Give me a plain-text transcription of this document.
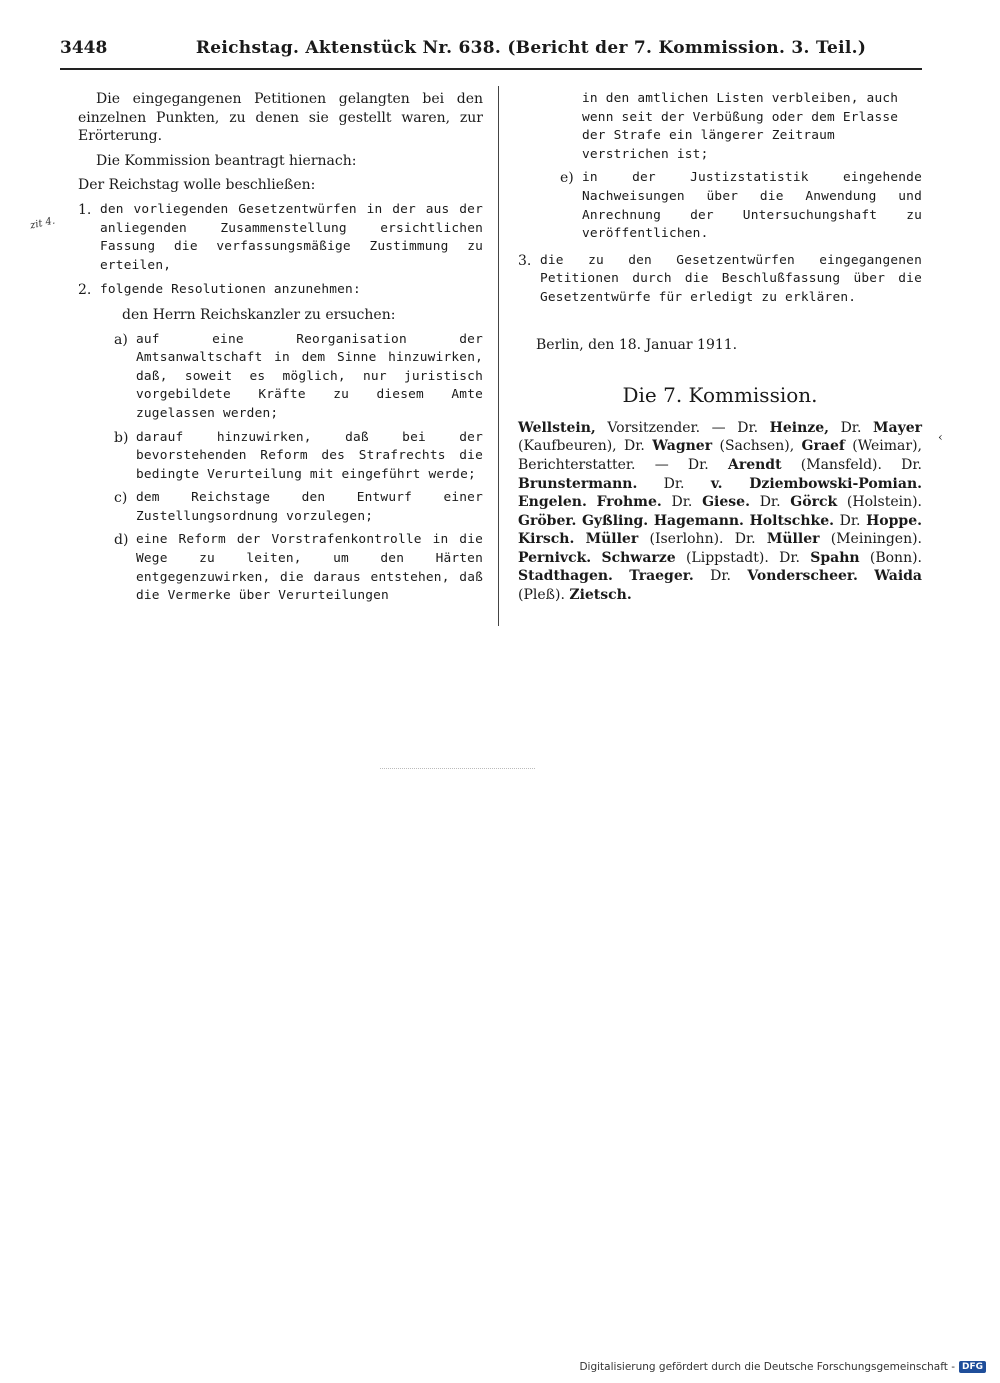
3448	Reichstag. Aktenstück Nr. 638. (Bericht der 7. Kommission. 3. Teil.)
zit 4.

Die eingegangenen Petitionen gelangten bei den einzelnen Punkten, zu denen sie gestellt waren, zur Erörterung.

Die Kommission beantragt hiernach:

Der Reichstag wolle beschließen:

1. den vorliegenden Gesetzentwürfen in der aus der anliegenden Zusammenstellung ersichtlichen Fassung die verfassungsmäßige Zustimmung zu erteilen,
2. folgende Resolutionen anzunehmen:

den Herrn Reichskanzler zu ersuchen:

a) auf eine Reorganisation der Amtsanwaltschaft in dem Sinne hinzuwirken, daß, soweit es möglich, nur juristisch vorgebildete Kräfte zu diesem Amte zugelassen werden;
b) darauf hinzuwirken, daß bei der bevorstehenden Reform des Strafrechts die bedingte Verurteilung mit eingeführt werde;
c) dem Reichstage den Entwurf einer Zustellungsordnung vorzulegen;
d) eine Reform der Vorstrafenkontrolle in die Wege zu leiten, um den Härten entgegenzuwirken, die daraus entstehen, daß die Vermerke über Verurteilungen
in den amtlichen Listen verbleiben, auch wenn seit der Verbüßung oder dem Erlasse der Strafe ein längerer Zeitraum verstrichen ist;
e) in der Justizstatistik eingehende Nachweisungen über die Anwendung und Anrechnung der Untersuchungshaft zu veröffentlichen.
3. die zu den Gesetzentwürfen eingegangenen Petitionen durch die Beschlußfassung über die Gesetzentwürfe für erledigt zu erklären.

Berlin, den 18. Januar 1911.

Die 7. Kommission.
Wellstein, Vorsitzender. — Dr. Heinze, Dr. Mayer (Kaufbeuren), Dr. Wagner (Sachsen), Graef (Weimar), Berichterstatter. — Dr. Arendt (Mansfeld). Dr. Brunstermann. Dr. v. Dziembowski-Pomian. Engelen. Frohme. Dr. Giese. Dr. Görck (Holstein). Gröber. Gyßling. Hagemann. Holtschke. Dr. Hoppe. Kirsch. Müller (Iserlohn). Dr. Müller (Meiningen). Pernivck. Schwarze (Lippstadt). Dr. Spahn (Bonn). Stadthagen. Traeger. Dr. Vonderscheer. Waida (Pleß). Zietsch.
‹
Digitalisierung gefördert durch die Deutsche Forschungsgemeinschaft - DFG
